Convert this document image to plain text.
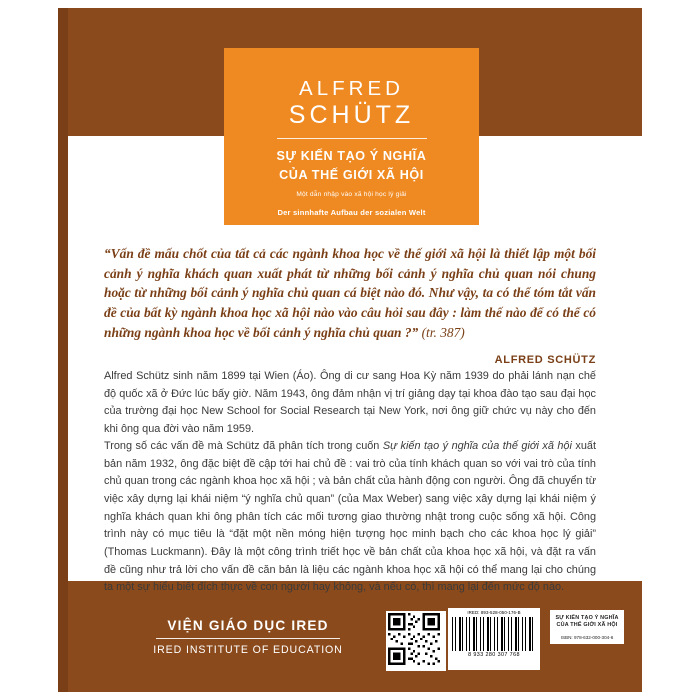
ALFRED
SCHÜTZ
SỰ KIẾN TẠO Ý NGHĨA
CỦA THẾ GIỚI XÃ HỘI
Một dẫn nhập vào xã hội học lý giải
Der sinnhafte Aufbau der sozialen Welt
“Vấn đề mấu chốt của tất cả các ngành khoa học về thế giới xã hội là thiết lập một bối cảnh ý nghĩa khách quan xuất phát từ những bối cảnh ý nghĩa chủ quan nói chung hoặc từ những bối cảnh ý nghĩa chủ quan cá biệt nào đó. Như vậy, ta có thể tóm tắt vấn đề của bất kỳ ngành khoa học xã hội nào vào câu hỏi sau đây : làm thế nào để có thể có những ngành khoa học về bối cảnh ý nghĩa chủ quan ?” (tr. 387)
ALFRED SCHÜTZ
Alfred Schütz sinh năm 1899 tại Wien (Áo). Ông di cư sang Hoa Kỳ năm 1939 do phải lánh nạn chế độ quốc xã ở Đức lúc bấy giờ. Năm 1943, ông đảm nhận vị trí giảng dạy tại khoa đào tạo sau đại học của trường đại học New School for Social Research tại New York, nơi ông giữ chức vụ này cho đến khi ông qua đời vào năm 1959.
Trong số các vấn đề mà Schütz đã phân tích trong cuốn Sự kiến tạo ý nghĩa của thế giới xã hội xuất bản năm 1932, ông đặc biệt đề cập tới hai chủ đề : vai trò của tính khách quan so với vai trò của tính chủ quan trong các ngành khoa học xã hội ; và bản chất của hành động con người. Ông đã chuyển từ việc xây dựng lại khái niệm “ý nghĩa chủ quan” (của Max Weber) sang việc xây dựng lại khái niệm ý nghĩa khách quan khi ông phân tích các mối tương giao thường nhật trong cuộc sống xã hội. Công trình này có mục tiêu là “đặt một nền móng hiện tượng học minh bạch cho các khoa học lý giải” (Thomas Luckmann). Đây là một công trình triết học về bản chất của khoa học xã hội, và đặt ra vấn đề cũng như trả lời cho vấn đề căn bản là liệu các ngành khoa học xã hội có thể mang lại cho chúng ta một sự hiểu biết đích thực về con người hay không, và nếu có, thì mang lại đến mức độ nào.
VIỆN GIÁO DỤC IRED
IRED INSTITUTE OF EDUCATION
IRED: 893-528-050-176-B
8 933 280 307 768
SỰ KIẾN TẠO Ý NGHĨA
CỦA THẾ GIỚI XÃ HỘI
ISBN: 978-632-000-304-6
